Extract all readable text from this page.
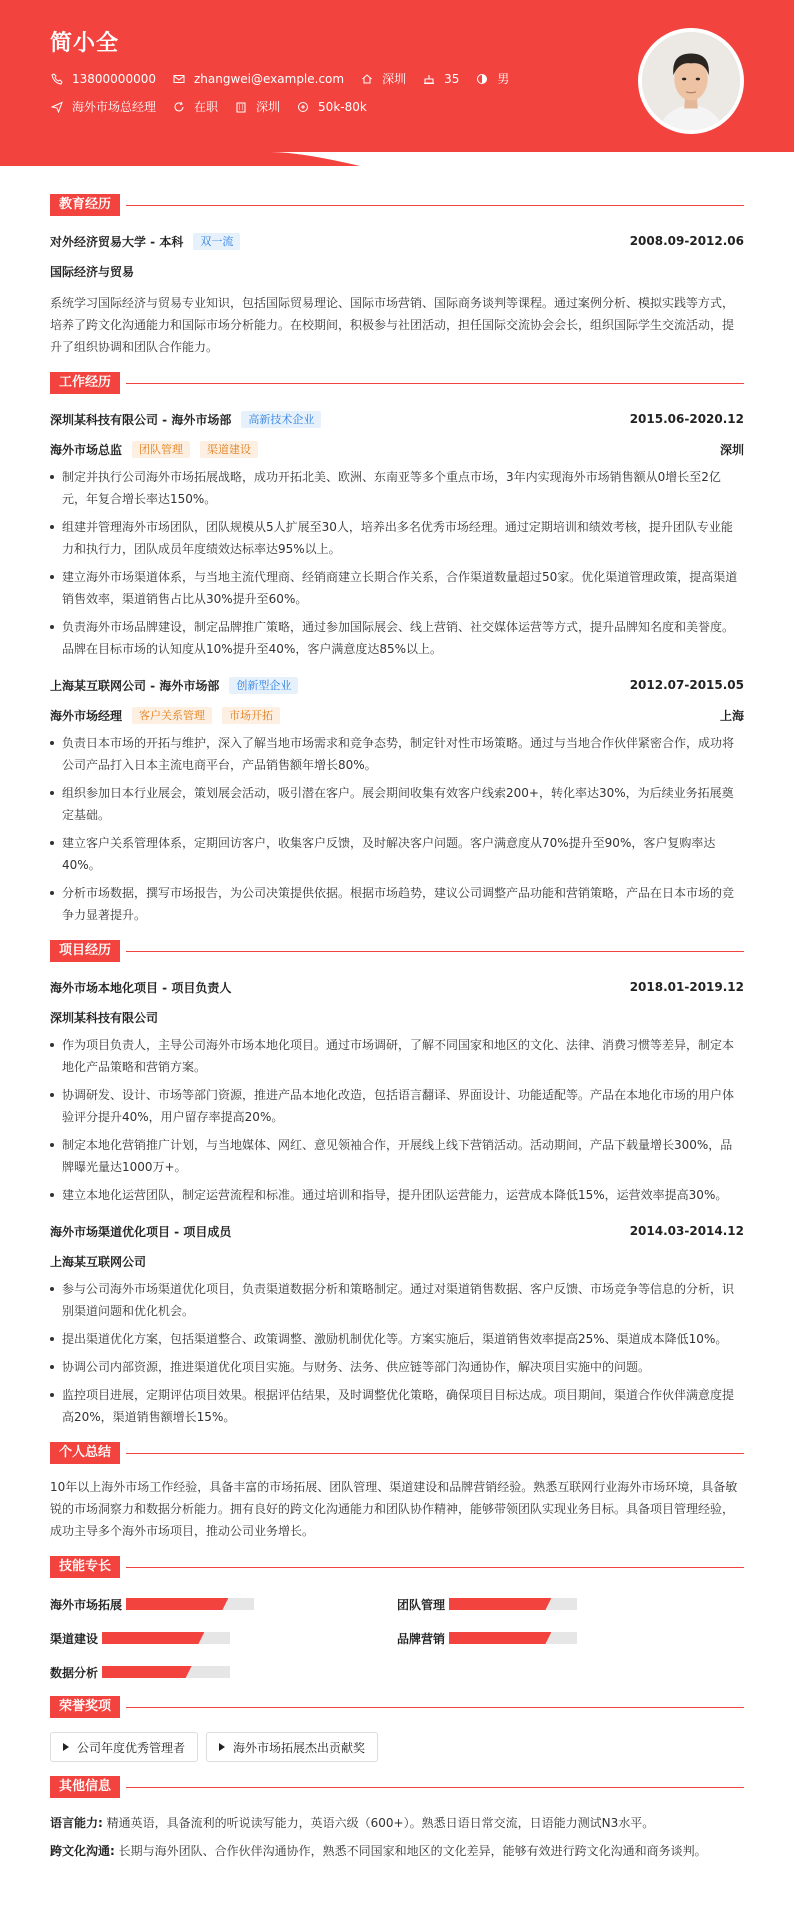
简小全
13800000000	zhangwei@example.com	深圳	35	男
海外市场总经理	在职	深圳	50k-80k
教育经历
对外经济贸易大学 - 本科	双一流	2008.09-2012.06
国际经济与贸易
系统学习国际经济与贸易专业知识，包括国际贸易理论、国际市场营销、国际商务谈判等课程。通过案例分析、模拟实践等方式，培养了跨文化沟通能力和国际市场分析能力。在校期间，积极参与社团活动，担任国际交流协会会长，组织国际学生交流活动，提升了组织协调和团队合作能力。
工作经历
深圳某科技有限公司 - 海外市场部	高新技术企业	2015.06-2020.12
海外市场总监	团队管理	渠道建设	深圳
制定并执行公司海外市场拓展战略，成功开拓北美、欧洲、东南亚等多个重点市场，3年内实现海外市场销售额从0增长至2亿元，年复合增长率达150%。
组建并管理海外市场团队，团队规模从5人扩展至30人，培养出多名优秀市场经理。通过定期培训和绩效考核，提升团队专业能力和执行力，团队成员年度绩效达标率达95%以上。
建立海外市场渠道体系，与当地主流代理商、经销商建立长期合作关系，合作渠道数量超过50家。优化渠道管理政策，提高渠道销售效率，渠道销售占比从30%提升至60%。
负责海外市场品牌建设，制定品牌推广策略，通过参加国际展会、线上营销、社交媒体运营等方式，提升品牌知名度和美誉度。品牌在目标市场的认知度从10%提升至40%，客户满意度达85%以上。
上海某互联网公司 - 海外市场部	创新型企业	2012.07-2015.05
海外市场经理	客户关系管理	市场开拓	上海
负责日本市场的开拓与维护，深入了解当地市场需求和竞争态势，制定针对性市场策略。通过与当地合作伙伴紧密合作，成功将公司产品打入日本主流电商平台，产品销售额年增长80%。
组织参加日本行业展会，策划展会活动，吸引潜在客户。展会期间收集有效客户线索200+，转化率达30%，为后续业务拓展奠定基础。
建立客户关系管理体系，定期回访客户，收集客户反馈，及时解决客户问题。客户满意度从70%提升至90%，客户复购率达40%。
分析市场数据，撰写市场报告，为公司决策提供依据。根据市场趋势，建议公司调整产品功能和营销策略，产品在日本市场的竞争力显著提升。
项目经历
海外市场本地化项目 - 项目负责人	2018.01-2019.12
深圳某科技有限公司
作为项目负责人，主导公司海外市场本地化项目。通过市场调研，了解不同国家和地区的文化、法律、消费习惯等差异，制定本地化产品策略和营销方案。
协调研发、设计、市场等部门资源，推进产品本地化改造，包括语言翻译、界面设计、功能适配等。产品在本地化市场的用户体验评分提升40%，用户留存率提高20%。
制定本地化营销推广计划，与当地媒体、网红、意见领袖合作，开展线上线下营销活动。活动期间，产品下载量增长300%，品牌曝光量达1000万+。
建立本地化运营团队，制定运营流程和标准。通过培训和指导，提升团队运营能力，运营成本降低15%，运营效率提高30%。
海外市场渠道优化项目 - 项目成员	2014.03-2014.12
上海某互联网公司
参与公司海外市场渠道优化项目，负责渠道数据分析和策略制定。通过对渠道销售数据、客户反馈、市场竞争等信息的分析，识别渠道问题和优化机会。
提出渠道优化方案，包括渠道整合、政策调整、激励机制优化等。方案实施后，渠道销售效率提高25%、渠道成本降低10%。
协调公司内部资源，推进渠道优化项目实施。与财务、法务、供应链等部门沟通协作，解决项目实施中的问题。
监控项目进展，定期评估项目效果。根据评估结果，及时调整优化策略，确保项目目标达成。项目期间，渠道合作伙伴满意度提高20%，渠道销售额增长15%。
个人总结
10年以上海外市场工作经验，具备丰富的市场拓展、团队管理、渠道建设和品牌营销经验。熟悉互联网行业海外市场环境，具备敏锐的市场洞察力和数据分析能力。拥有良好的跨文化沟通能力和团队协作精神，能够带领团队实现业务目标。具备项目管理经验，成功主导多个海外市场项目，推动公司业务增长。
技能专长
海外市场拓展	团队管理
渠道建设	品牌营销
数据分析
荣誉奖项
公司年度优秀管理者	海外市场拓展杰出贡献奖
其他信息

语言能力: 精通英语，具备流利的听说读写能力，英语六级（600+）。熟悉日语日常交流，日语能力测试N3水平。

跨文化沟通: 长期与海外团队、合作伙伴沟通协作，熟悉不同国家和地区的文化差异，能够有效进行跨文化沟通和商务谈判。
